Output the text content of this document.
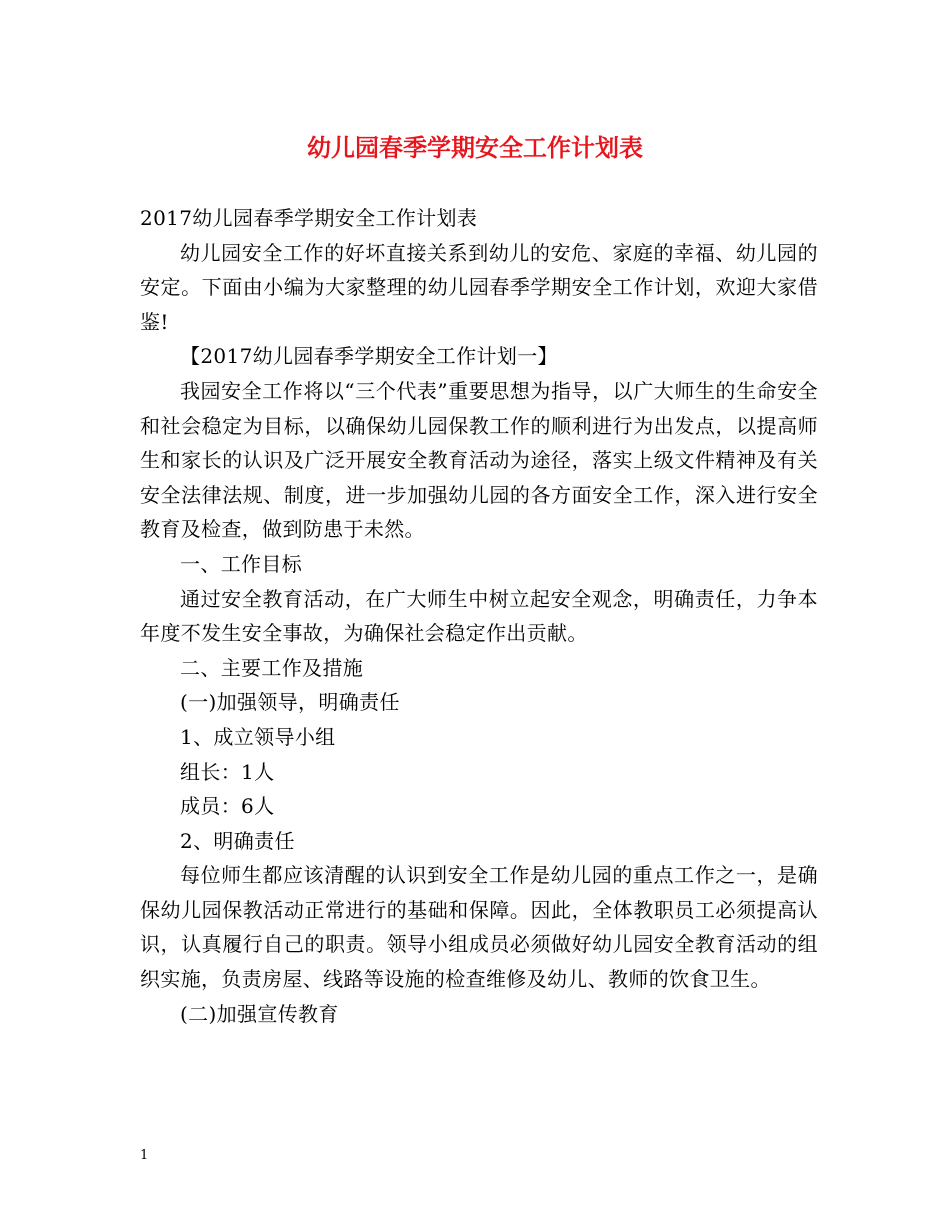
幼儿园春季学期安全工作计划表

2017幼儿园春季学期安全工作计划表

幼儿园安全工作的好坏直接关系到幼儿的安危、家庭的幸福、幼儿园的安定。下面由小编为大家整理的幼儿园春季学期安全工作计划，欢迎大家借鉴!

【2017幼儿园春季学期安全工作计划一】

我园安全工作将以“三个代表”重要思想为指导，以广大师生的生命安全和社会稳定为目标，以确保幼儿园保教工作的顺利进行为出发点，以提高师生和家长的认识及广泛开展安全教育活动为途径，落实上级文件精神及有关安全法律法规、制度，进一步加强幼儿园的各方面安全工作，深入进行安全教育及检查，做到防患于未然。

一、工作目标

通过安全教育活动，在广大师生中树立起安全观念，明确责任，力争本年度不发生安全事故，为确保社会稳定作出贡献。

二、主要工作及措施

(一)加强领导，明确责任

1、成立领导小组

组长：1人

成员：6人

2、明确责任

每位师生都应该清醒的认识到安全工作是幼儿园的重点工作之一，是确保幼儿园保教活动正常进行的基础和保障。因此，全体教职员工必须提高认识，认真履行自己的职责。领导小组成员必须做好幼儿园安全教育活动的组织实施，负责房屋、线路等设施的检查维修及幼儿、教师的饮食卫生。

(二)加强宣传教育

1
